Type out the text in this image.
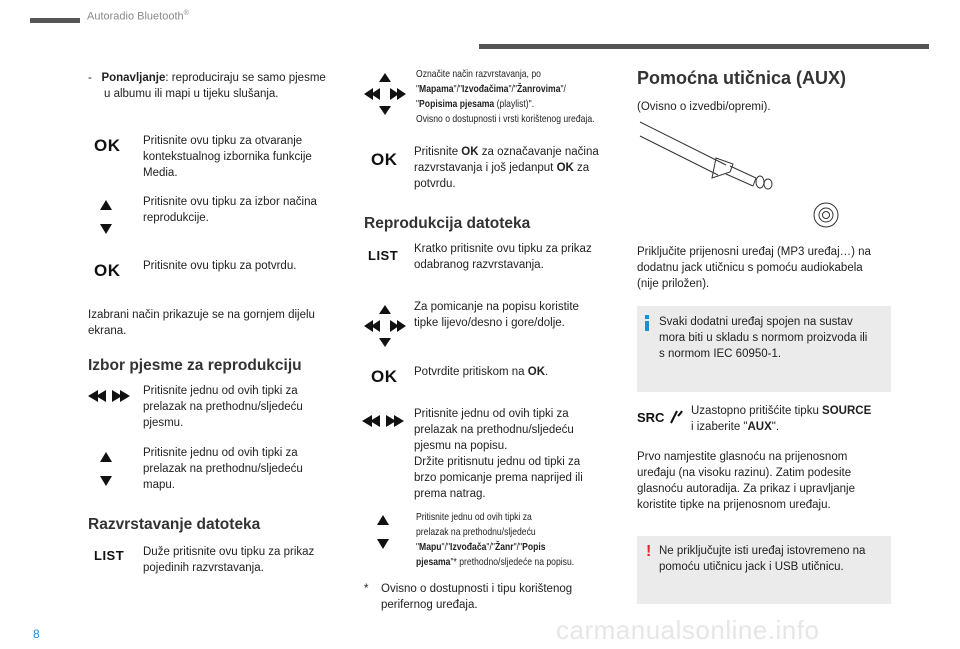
Autoradio Bluetooth®
- Ponavljanje: reproduciraju se samo pjesme
u albumu ili mapi u tijeku slušanja.
OK Pritisnite ovu tipku za otvaranje
kontekstualnog izbornika funkcije
Media.
Pritisnite ovu tipku za izbor načina
reprodukcije.
OK Pritisnite ovu tipku za potvrdu.
Izabrani način prikazuje se na gornjem dijelu
ekrana.
Izbor pjesme za reprodukciju
Pritisnite jednu od ovih tipki za
prelazak na prethodnu/sljedeću
pjesmu.
Pritisnite jednu od ovih tipki za
prelazak na prethodnu/sljedeću
mapu.
Razvrstavanje datoteka
LIST Duže pritisnite ovu tipku za prikaz
pojedinih razvrstavanja.
Označite način razvrstavanja, po
"Mapama"/"Izvođačima"/"Žanrovima"/
"Popisima pjesama (playlist)".
Ovisno o dostupnosti i vrsti korištenog uređaja.
OK Pritisnite OK za označavanje načina
razvrstavanja i još jedanput OK za
potvrdu.
Reprodukcija datoteka
LIST Kratko pritisnite ovu tipku za prikaz
odabranog razvrstavanja.
Za pomicanje na popisu koristite
tipke lijevo/desno i gore/dolje.
OK Potvrdite pritiskom na OK.
Pritisnite jednu od ovih tipki za
prelazak na prethodnu/sljedeću
pjesmu na popisu.
Držite pritisnutu jednu od tipki za
brzo pomicanje prema naprijed ili
prema natrag.
Pritisnite jednu od ovih tipki za
prelazak na prethodnu/sljedeću
"Mapu"/"Izvođača"/"Žanr"/"Popis
pjesama"* prethodno/sljedeće na popisu.
* Ovisno o dostupnosti i tipu korištenog
perifernog uređaja.
Pomoćna utičnica (AUX)
(Ovisno o izvedbi/opremi).
Priključite prijenosni uređaj (MP3 uređaj…) na
dodatnu jack utičnicu s pomoću audiokabela
(nije priložen).
Svaki dodatni uređaj spojen na sustav
mora biti u skladu s normom proizvoda ili
s normom IEC 60950-1.
SRC	Uzastopno pritišćite tipku SOURCE
i izaberite "AUX".
Prvo namjestite glasnoću na prijenosnom
uređaju (na visoku razinu). Zatim podesite
glasnoću autoradija. Za prikaz i upravljanje
koristite tipke na prijenosnom uređaju.
! Ne priključujte isti uređaj istovremeno na
pomoću utičnicu jack i USB utičnicu.
8	carmanualsonline.info
